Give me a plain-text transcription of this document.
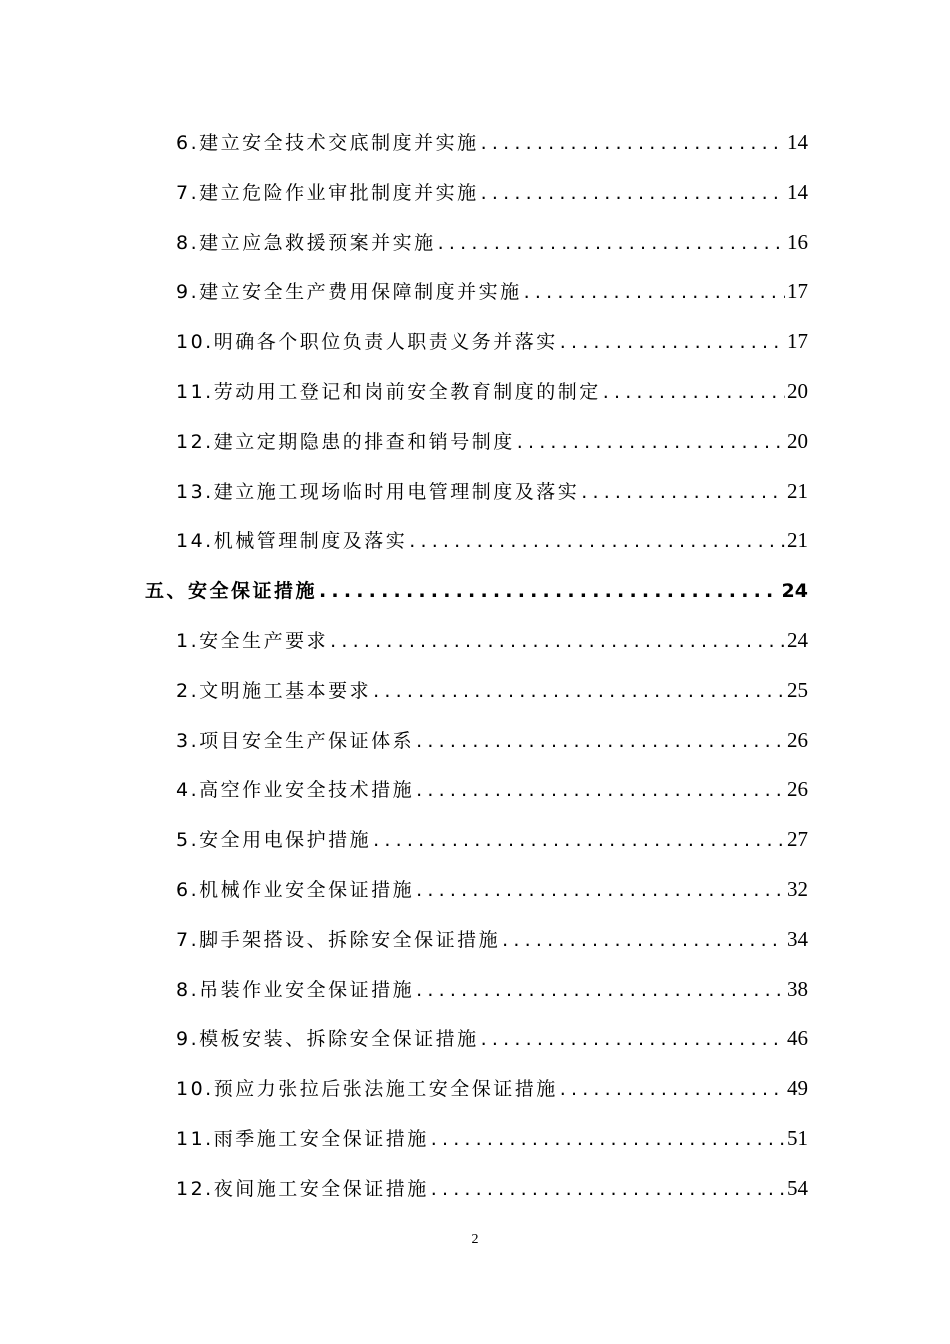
6.建立安全技术交底制度并实施 .....	14
7.建立危险作业审批制度并实施 .....	14
8.建立应急救援预案并实施 .....	16
9.建立安全生产费用保障制度并实施 .....	17
10.明确各个职位负责人职责义务并落实 .....	17
11.劳动用工登记和岗前安全教育制度的制定 .....	20
12.建立定期隐患的排查和销号制度 .....	20
13.建立施工现场临时用电管理制度及落实 .....	21
14.机械管理制度及落实 .....	21
五、安全保证措施 .....	24
1.安全生产要求 .....	24
2.文明施工基本要求 .....	25
3.项目安全生产保证体系 .....	26
4.高空作业安全技术措施 .....	26
5.安全用电保护措施 .....	27
6.机械作业安全保证措施 .....	32
7.脚手架搭设、拆除安全保证措施 .....	34
8.吊装作业安全保证措施 .....	38
9.模板安装、拆除安全保证措施 .....	46
10.预应力张拉后张法施工安全保证措施 .....	49
11.雨季施工安全保证措施 .....	51
12.夜间施工安全保证措施 .....	54
2
